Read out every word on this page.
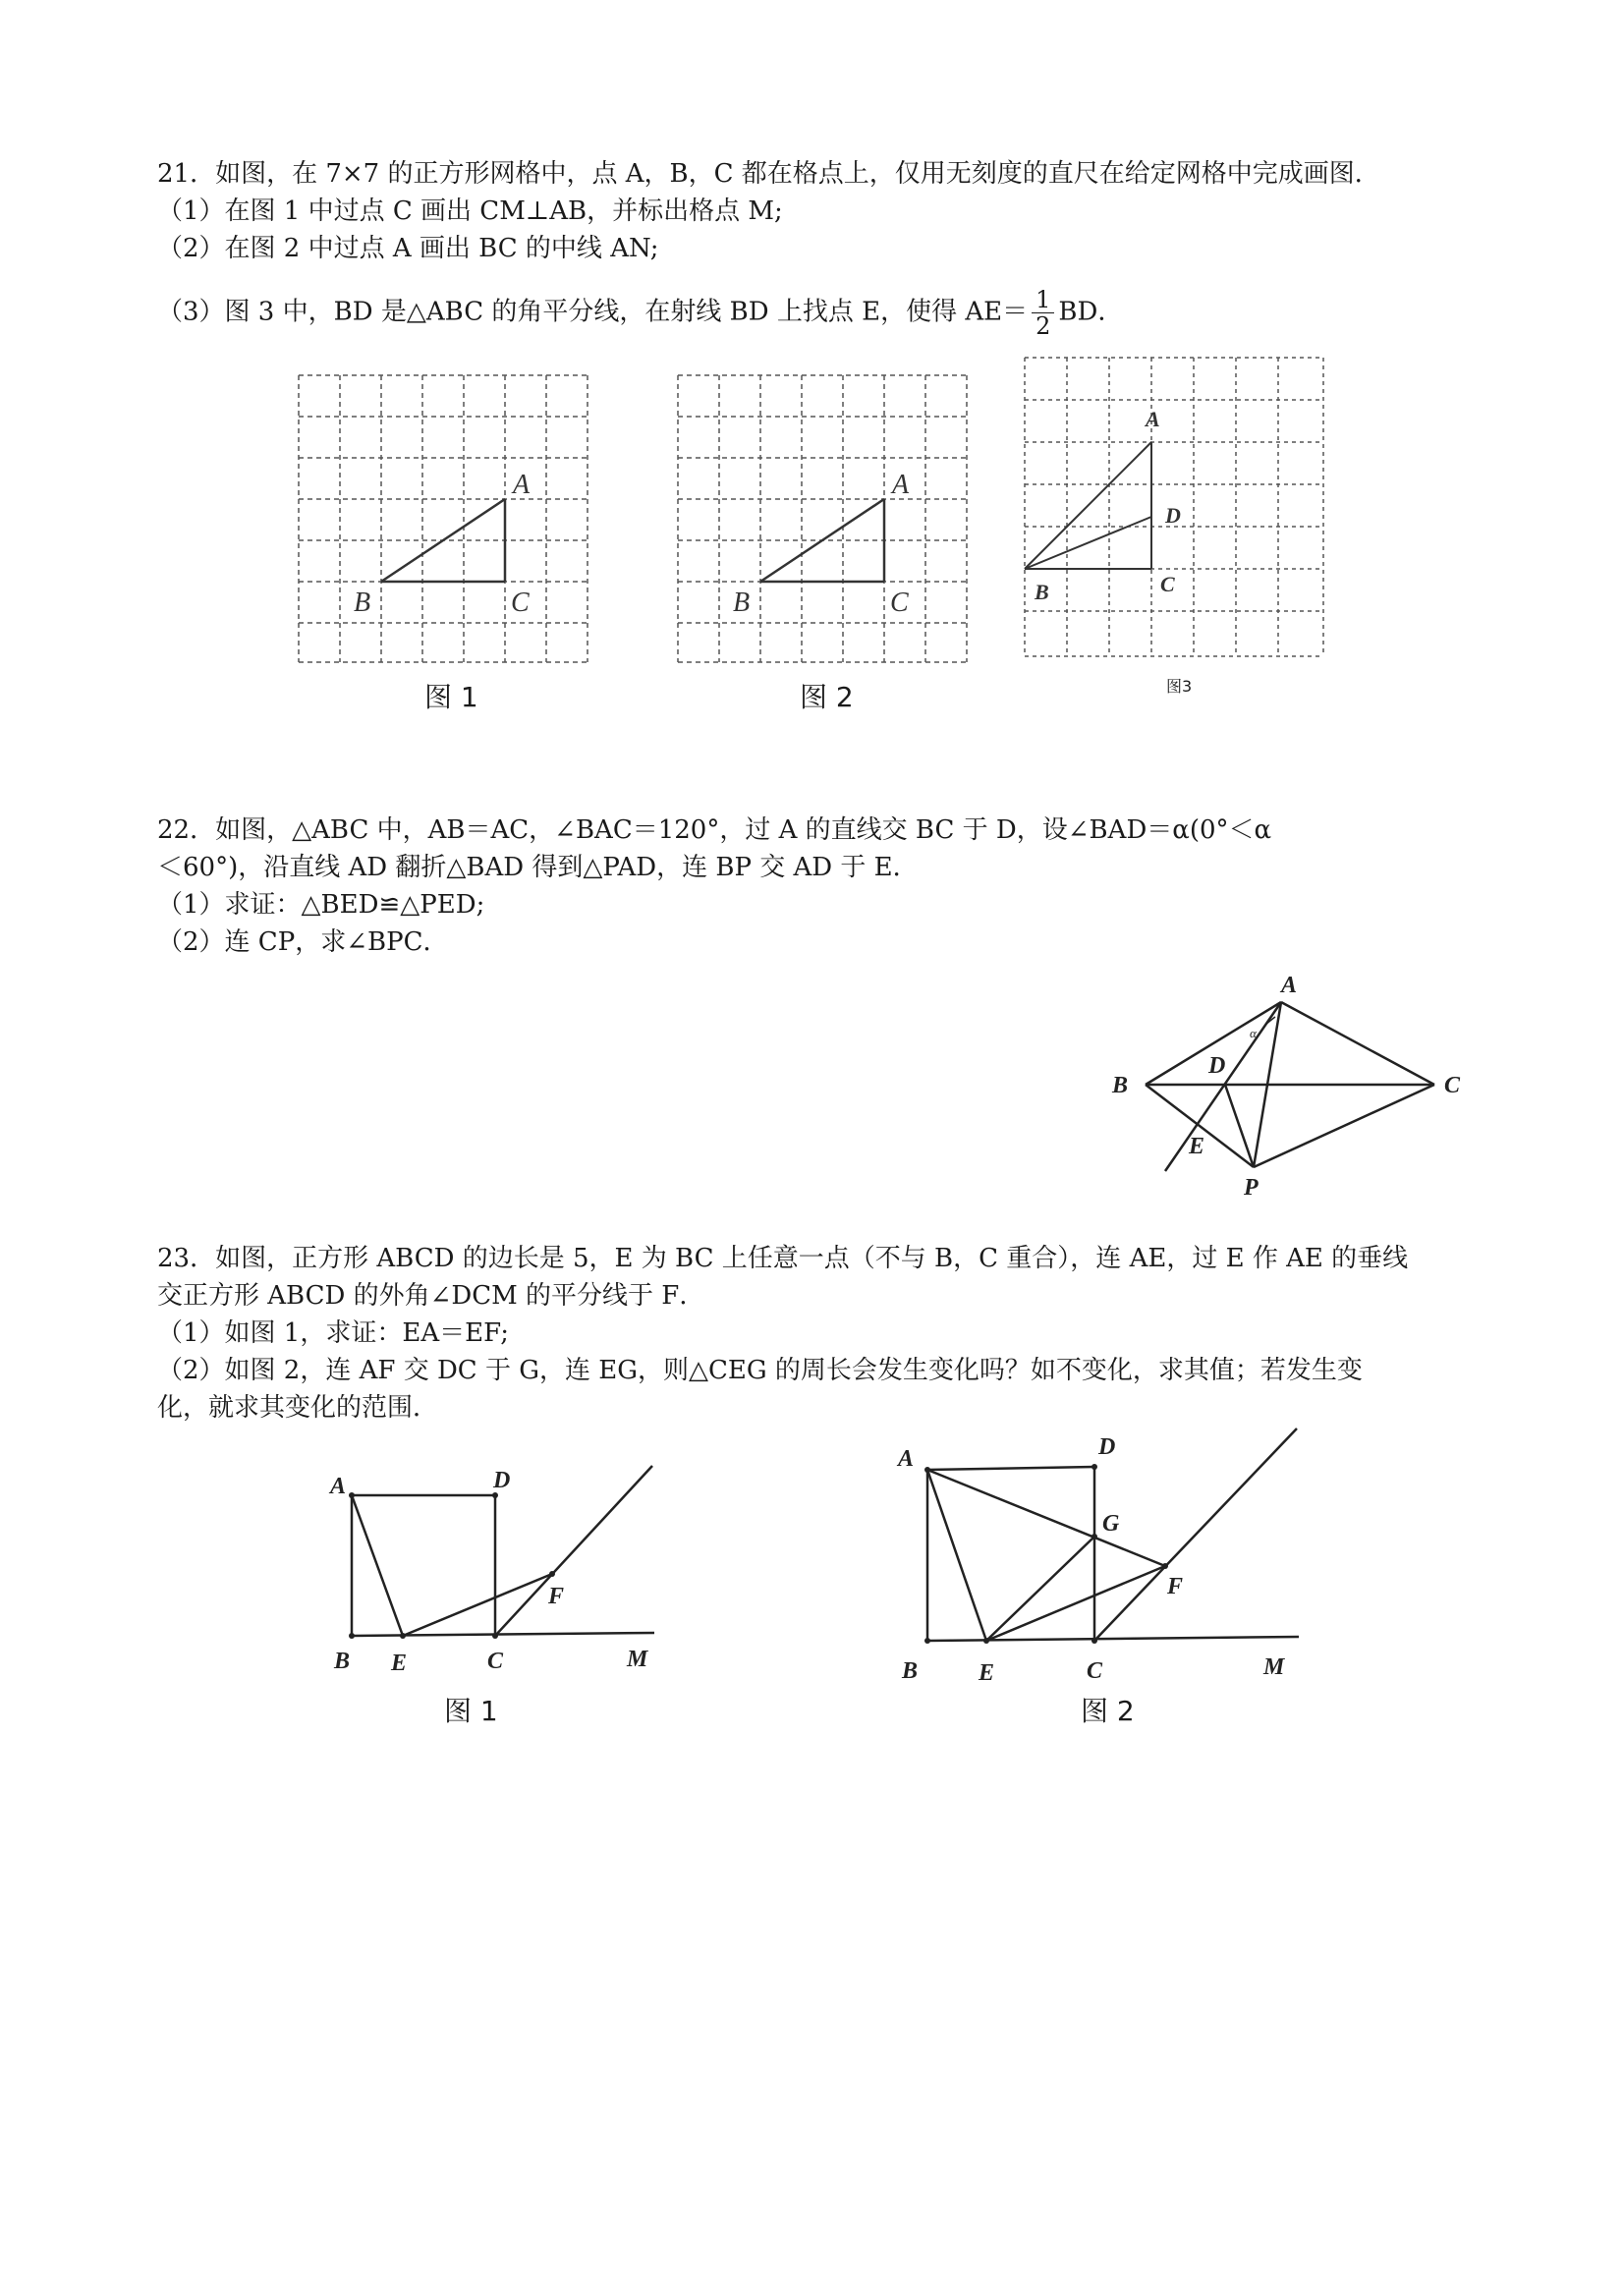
21．如图，在 7×7 的正方形网格中，点 A，B，C 都在格点上，仅用无刻度的直尺在给定网格中完成画图．
（1）在图 1 中过点 C 画出 CM⊥AB，并标出格点 M;
（2）在图 2 中过点 A 画出 BC 的中线 AN;
（3）图 3 中，BD 是△ABC 的角平分线，在射线 BD 上找点 E，使得 $AE= \frac{1}{2}$ BD．
A
B	C
图 1
A
B	C
图 2
A
D
B	C
图3
22．如图，△ABC 中，AB＝AC，∠BAC＝120°，过 A 的直线交 BC 于 D，设∠BAD＝α(0°＜α
＜60°)，沿直线 AD 翻折△BAD 得到△PAD，连 BP 交 AD 于 E．
（1）求证：△BED≌△PED;
（2）连 CP，求∠BPC．
A
B	C
D
E
P
α
23．如图，正方形 ABCD 的边长是 5，E 为 BC 上任意一点（不与 B，C 重合），连 AE，过 E 作 AE 的垂线
交正方形 ABCD 的外角∠DCM 的平分线于 F．
（1）如图 1，求证：EA＝EF;
（2）如图 2，连 AF 交 DC 于 G，连 EG，则△CEG 的周长会发生变化吗？如不变化，求其值；若发生变
化，就求其变化的范围．
A	D
B E	C
F
M
图 1
A	D
G
F
B	E	C	M
图 2
